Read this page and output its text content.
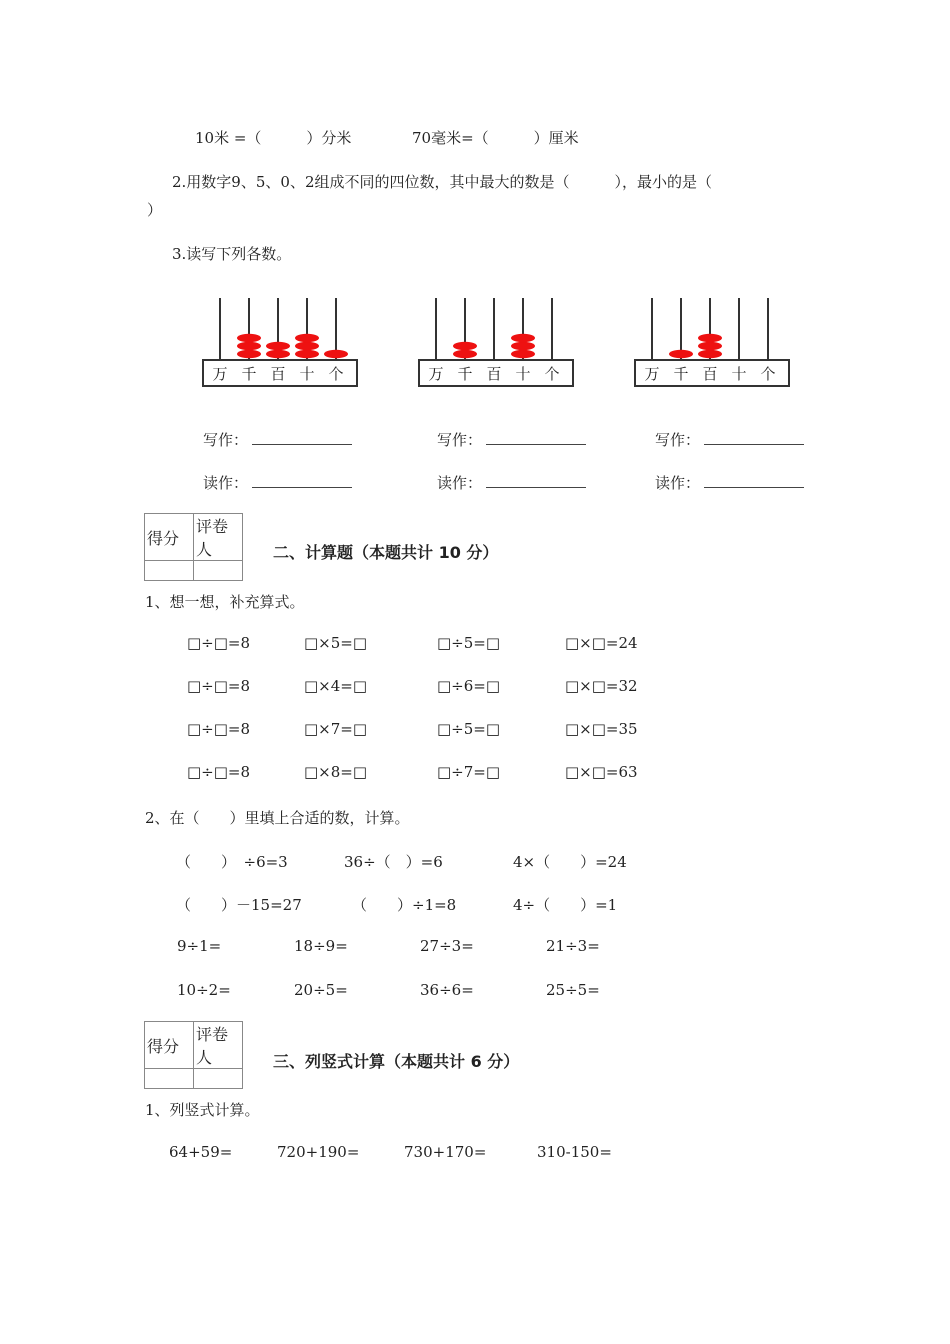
10米 =（　　　）分米	70毫米=（　　　）厘米
2.用数字9、5、0、2组成不同的四位数，其中最大的数是（　　　），最小的是（
）
3.读写下列各数。
万 千 百 十 个	万 千 百 十 个	万 千 百 十 个
写作：	写作：	写作：
读作：	读作：	读作：
得分	评卷人
		二、计算题（本题共计 10 分）
1、想一想，补充算式。
□÷□=8	□×5=□	□÷5=□	□×□=24
□÷□=8	□×4=□	□÷6=□	□×□=32
□÷□=8	□×7=□	□÷5=□	□×□=35
□÷□=8	□×8=□	□÷7=□	□×□=63
2、在（　　）里填上合适的数，计算。
（　　）　÷6=3	36÷（　）=6	4×（　　）=24
（　　）－15=27	（　　）÷1=8	4÷（　　）=1
9÷1=	18÷9=	27÷3=	21÷3=
10÷2=	20÷5=	36÷6=	25÷5=
得分	评卷人
		三、列竖式计算（本题共计 6 分）
1、列竖式计算。
64+59=	720+190=	730+170=	310-150=
